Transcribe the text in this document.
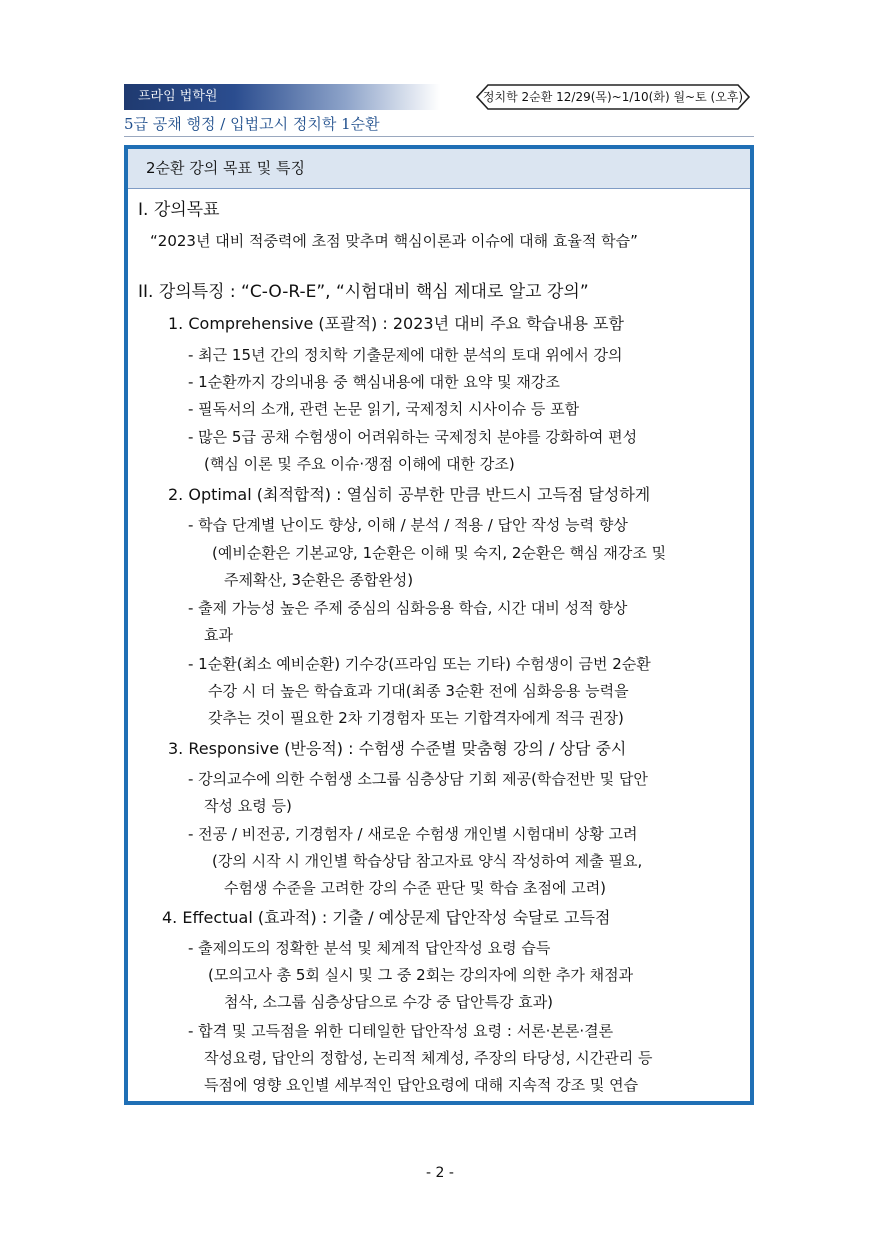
프라임 법학원	정치학 2순환 12/29(목)~1/10(화) 월~토 (오후)
5급 공채 행정 / 입법고시 정치학 1순환
2순환 강의 목표 및 특징
I. 강의목표
“2023년 대비 적중력에 초점 맞추며 핵심이론과 이슈에 대해 효율적 학습”
II. 강의특징 : “C-O-R-E”, “시험대비 핵심 제대로 알고 강의”
1. Comprehensive (포괄적) : 2023년 대비 주요 학습내용 포함
- 최근 15년 간의 정치학 기출문제에 대한 분석의 토대 위에서 강의
- 1순환까지 강의내용 중 핵심내용에 대한 요약 및 재강조
- 필독서의 소개, 관련 논문 읽기, 국제정치 시사이슈 등 포함
- 많은 5급 공채 수험생이 어려워하는 국제정치 분야를 강화하여 편성
(핵심 이론 및 주요 이슈·쟁점 이해에 대한 강조)
2. Optimal (최적합적) : 열심히 공부한 만큼 반드시 고득점 달성하게
- 학습 단계별 난이도 향상, 이해 / 분석 / 적용 / 답안 작성 능력 향상
(예비순환은 기본교양, 1순환은 이해 및 숙지, 2순환은 핵심 재강조 및
주제확산, 3순환은 종합완성)
- 출제 가능성 높은 주제 중심의 심화응용 학습, 시간 대비 성적 향상
효과
- 1순환(최소 예비순환) 기수강(프라임 또는 기타) 수험생이 금번 2순환
수강 시 더 높은 학습효과 기대(최종 3순환 전에 심화응용 능력을
갖추는 것이 필요한 2차 기경험자 또는 기합격자에게 적극 권장)
3. Responsive (반응적) : 수험생 수준별 맞춤형 강의 / 상담 중시
- 강의교수에 의한 수험생 소그룹 심층상담 기회 제공(학습전반 및 답안
작성 요령 등)
- 전공 / 비전공, 기경험자 / 새로운 수험생 개인별 시험대비 상황 고려
(강의 시작 시 개인별 학습상담 참고자료 양식 작성하여 제출 필요,
수험생 수준을 고려한 강의 수준 판단 및 학습 초점에 고려)
4. Effectual (효과적) : 기출 / 예상문제 답안작성 숙달로 고득점
- 출제의도의 정확한 분석 및 체계적 답안작성 요령 습득
(모의고사 총 5회 실시 및 그 중 2회는 강의자에 의한 추가 채점과
첨삭, 소그룹 심층상담으로 수강 중 답안특강 효과)
- 합격 및 고득점을 위한 디테일한 답안작성 요령 : 서론·본론·결론
작성요령, 답안의 정합성, 논리적 체계성, 주장의 타당성, 시간관리 등
득점에 영향 요인별 세부적인 답안요령에 대해 지속적 강조 및 연습
- 2 -
